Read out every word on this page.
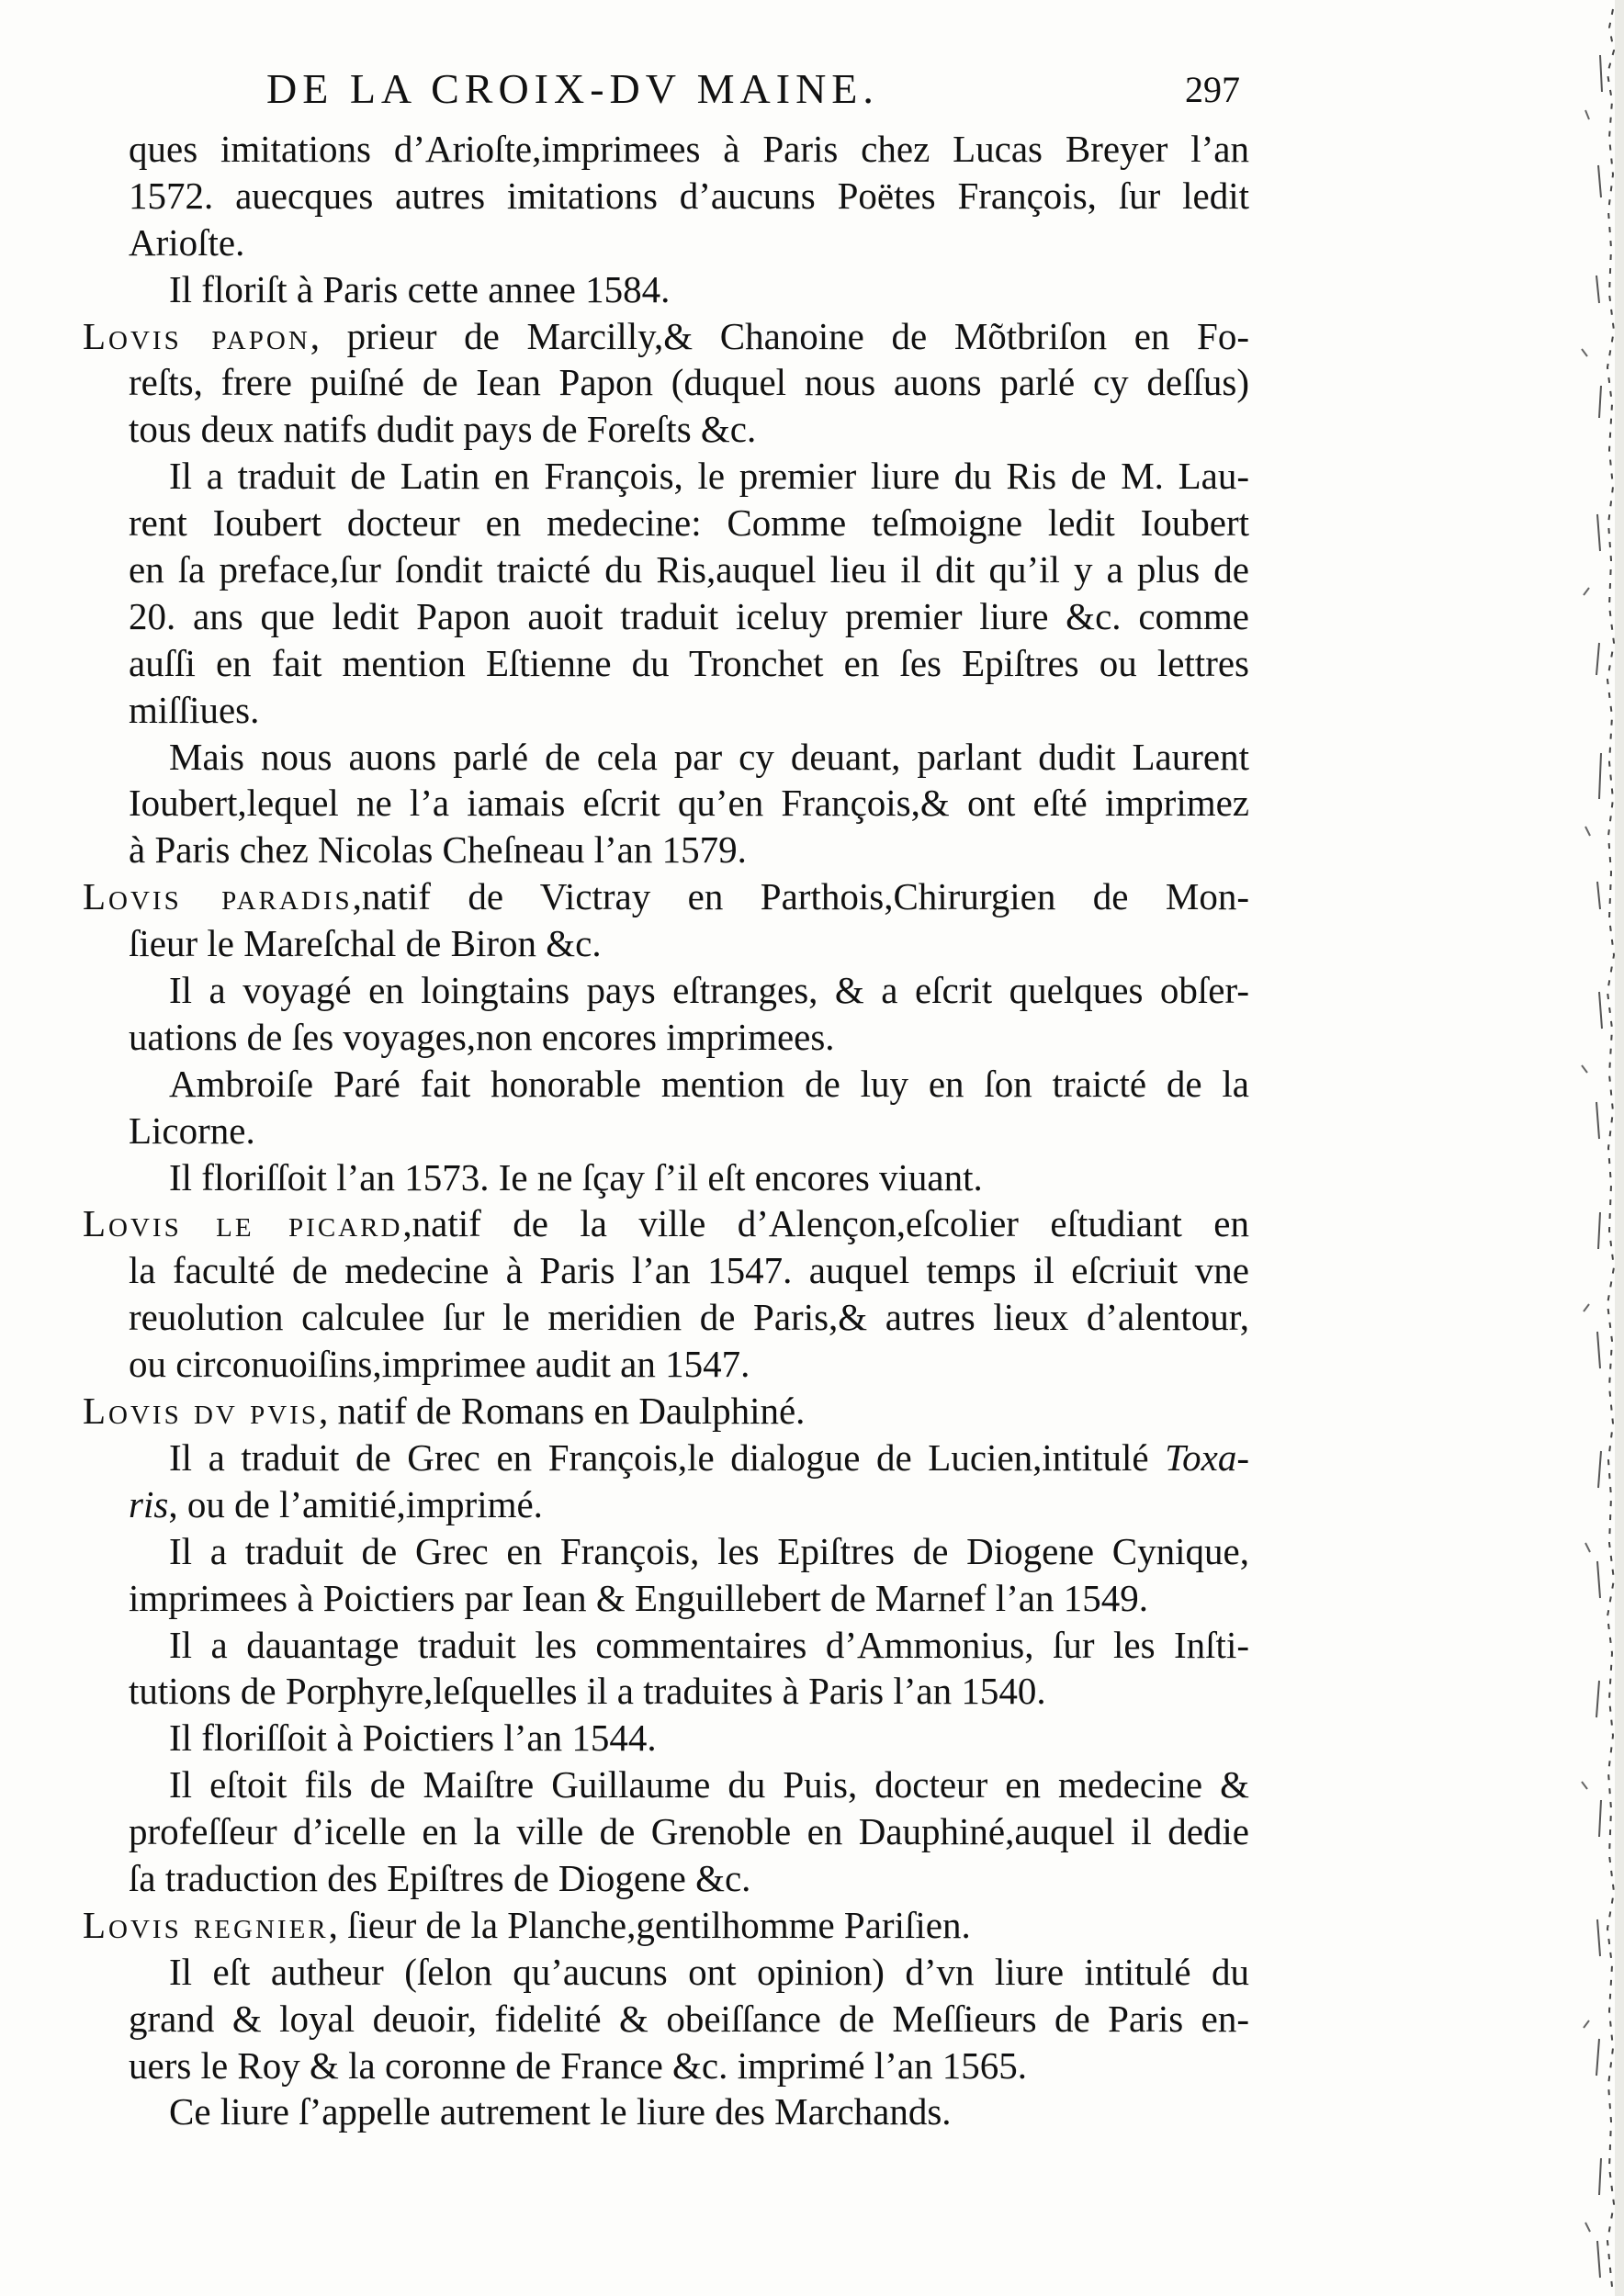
DE LA CROIX-DV MAINE.	297
ques imitations d’Arioſte,imprimees à Paris chez Lucas Breyer l’an
1572. auecques autres imitations d’aucuns Poëtes François, ſur ledit
Arioſte.
Il floriſt à Paris cette annee 1584.
Lovis papon, prieur de Marcilly,& Chanoine de Mõtbriſon en Fo-
reſts, frere puiſné de Iean Papon (duquel nous auons parlé cy deſſus)
tous deux natifs dudit pays de Foreſts &c.
Il a traduit de Latin en François, le premier liure du Ris de M. Lau-
rent Ioubert docteur en medecine: Comme teſmoigne ledit Ioubert
en ſa preface,ſur ſondit traicté du Ris,auquel lieu il dit qu’il y a plus de
20. ans que ledit Papon auoit traduit iceluy premier liure &c. comme
auſſi en fait mention Eſtienne du Tronchet en ſes Epiſtres ou lettres
miſſiues.
Mais nous auons parlé de cela par cy deuant, parlant dudit Laurent
Ioubert,lequel ne l’a iamais eſcrit qu’en François,& ont eſté imprimez
à Paris chez Nicolas Cheſneau l’an 1579.
Lovis paradis,natif de Victray en Parthois,Chirurgien de Mon-
ſieur le Mareſchal de Biron &c.
Il a voyagé en loingtains pays eſtranges, & a eſcrit quelques obſer-
uations de ſes voyages,non encores imprimees.
Ambroiſe Paré fait honorable mention de luy en ſon traicté de la
Licorne.
Il floriſſoit l’an 1573. Ie ne ſçay ſ’il eſt encores viuant.
Lovis le picard,natif de la ville d’Alençon,eſcolier eſtudiant en
la faculté de medecine à Paris l’an 1547. auquel temps il eſcriuit vne
reuolution calculee ſur le meridien de Paris,& autres lieux d’alentour,
ou circonuoiſins,imprimee audit an 1547.
Lovis dv pvis, natif de Romans en Daulphiné.
Il a traduit de Grec en François,le dialogue de Lucien,intitulé Toxa-
ris, ou de l’amitié,imprimé.
Il a traduit de Grec en François, les Epiſtres de Diogene Cynique,
imprimees à Poictiers par Iean & Enguillebert de Marnef l’an 1549.
Il a dauantage traduit les commentaires d’Ammonius, ſur les Inſti-
tutions de Porphyre,leſquelles il a traduites à Paris l’an 1540.
Il floriſſoit à Poictiers l’an 1544.
Il eſtoit fils de Maiſtre Guillaume du Puis, docteur en medecine &
profeſſeur d’icelle en la ville de Grenoble en Dauphiné,auquel il dedie
ſa traduction des Epiſtres de Diogene &c.
Lovis regnier, ſieur de la Planche,gentilhomme Pariſien.
Il eſt autheur (ſelon qu’aucuns ont opinion) d’vn liure intitulé du
grand & loyal deuoir, fidelité & obeiſſance de Meſſieurs de Paris en-
uers le Roy & la coronne de France &c. imprimé l’an 1565.
Ce liure ſ’appelle autrement le liure des Marchands.
